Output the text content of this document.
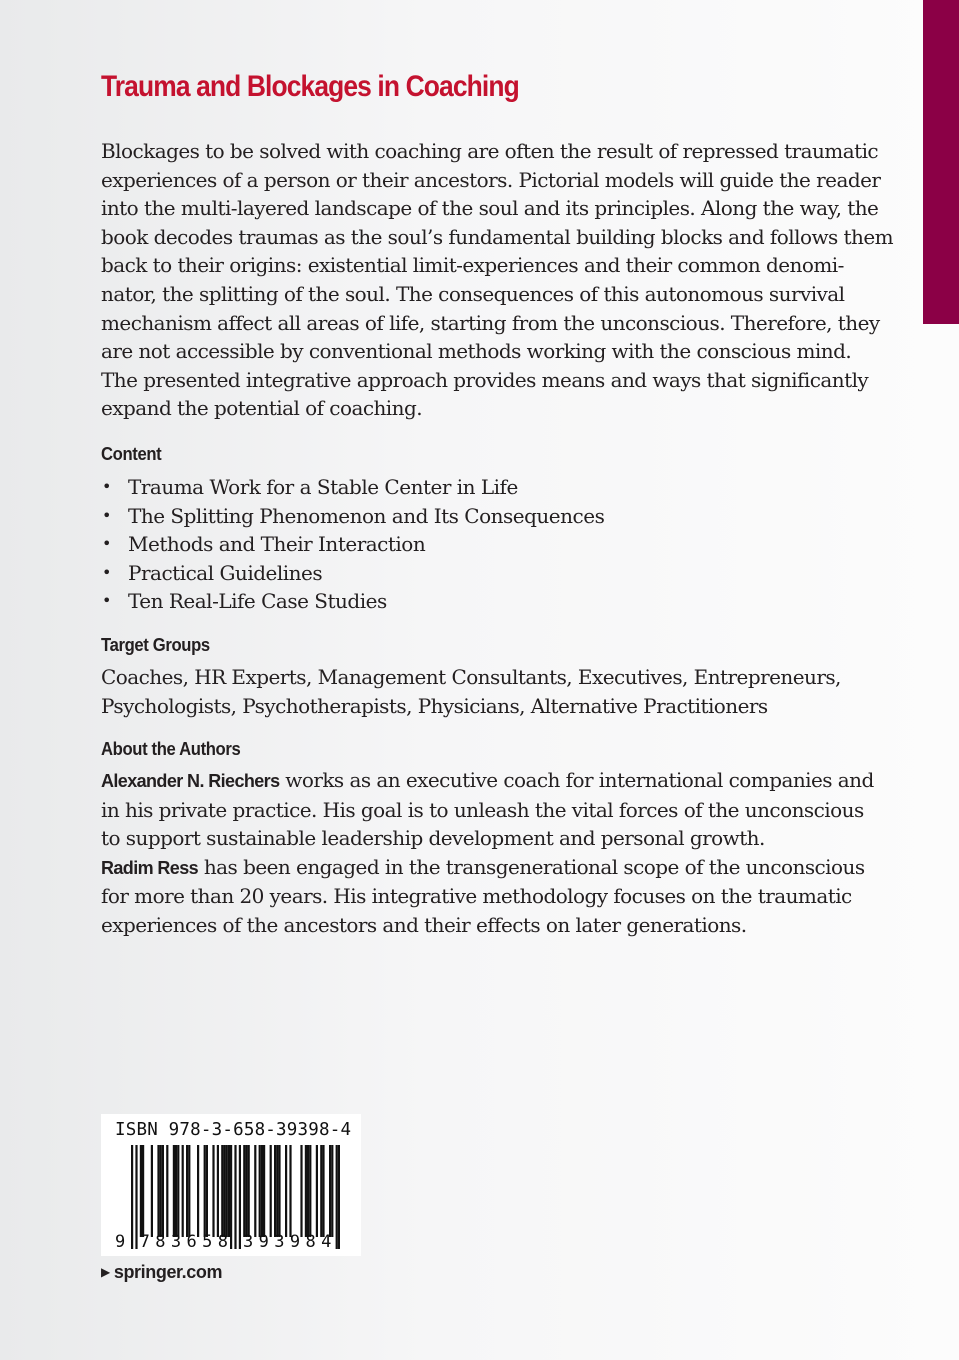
Trauma and Blockages in Coaching

Blockages to be solved with coaching are often the result of repressed traumatic
experiences of a person or their ancestors. Pictorial models will guide the reader
into the multi-layered landscape of the soul and its principles. Along the way, the
book decodes traumas as the soul’s fundamental building blocks and follows them
back to their origins: existential limit-experiences and their common denomi-
nator, the splitting of the soul. The consequences of this autonomous survival
mechanism affect all areas of life, starting from the unconscious. Therefore, they
are not accessible by conventional methods working with the conscious mind.
The presented integrative approach provides means and ways that significantly
expand the potential of coaching.

Content
• Trauma Work for a Stable Center in Life
• The Splitting Phenomenon and Its Consequences
• Methods and Their Interaction
• Practical Guidelines
• Ten Real-Life Case Studies
Target Groups

Coaches, HR Experts, Management Consultants, Executives, Entrepreneurs,
Psychologists, Psychotherapists, Physicians, Alternative Practitioners

About the Authors

Alexander N. Riechers works as an executive coach for international companies and
in his private practice. His goal is to unleash the vital forces of the unconscious
to support sustainable leadership development and personal growth.
Radim Ress has been engaged in the transgenerational scope of the unconscious
for more than 20 years. His integrative methodology focuses on the traumatic
experiences of the ancestors and their effects on later generations.

ISBN 978-3-658-39398-4
9 783658 393984
▶ springer.com
